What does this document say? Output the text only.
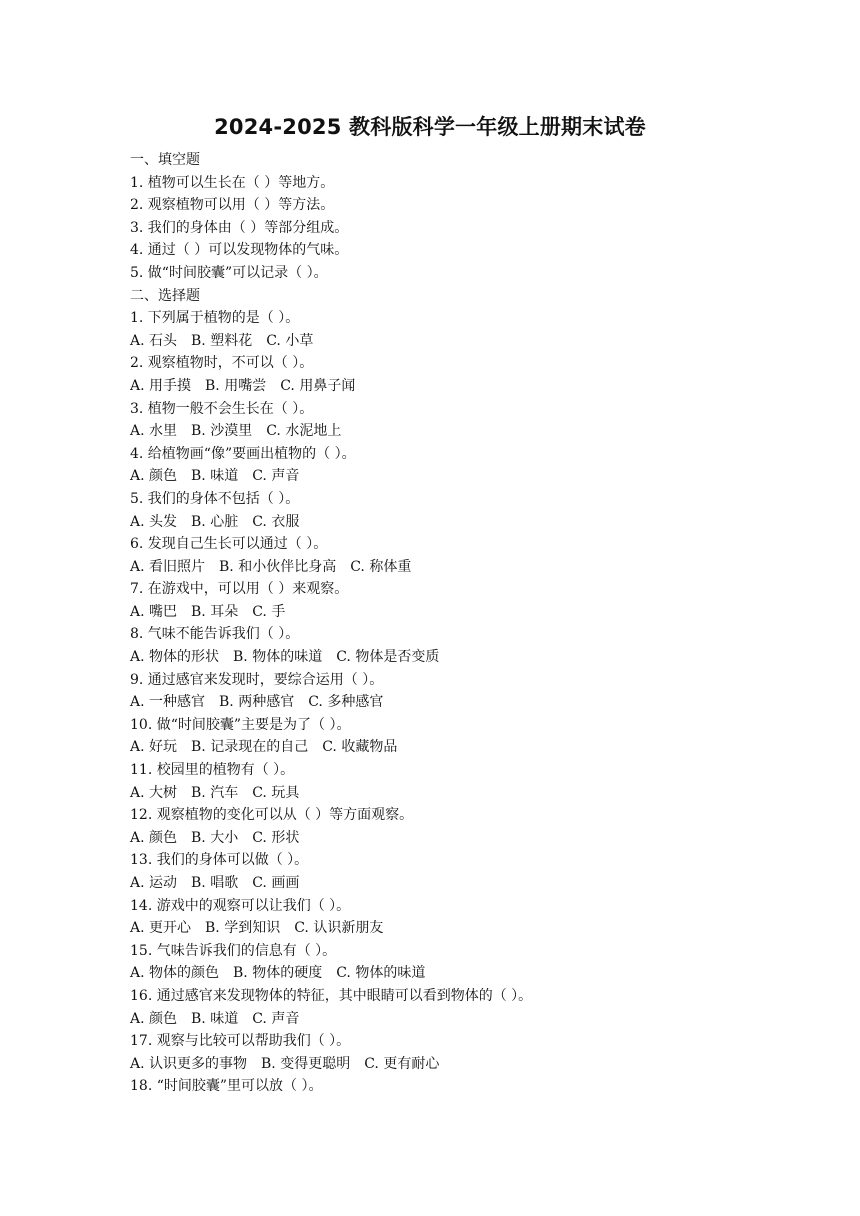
2024-2025 教科版科学一年级上册期末试卷
一、填空题
1. 植物可以生长在（ ）等地方。
2. 观察植物可以用（ ）等方法。
3. 我们的身体由（ ）等部分组成。
4. 通过（ ）可以发现物体的气味。
5. 做“时间胶囊”可以记录（ ）。
二、选择题
1. 下列属于植物的是（ ）。
A. 石头 B. 塑料花 C. 小草
2. 观察植物时，不可以（ ）。
A. 用手摸 B. 用嘴尝 C. 用鼻子闻
3. 植物一般不会生长在（ ）。
A. 水里 B. 沙漠里 C. 水泥地上
4. 给植物画“像”要画出植物的（ ）。
A. 颜色 B. 味道 C. 声音
5. 我们的身体不包括（ ）。
A. 头发 B. 心脏 C. 衣服
6. 发现自己生长可以通过（ ）。
A. 看旧照片 B. 和小伙伴比身高 C. 称体重
7. 在游戏中，可以用（ ）来观察。
A. 嘴巴 B. 耳朵 C. 手
8. 气味不能告诉我们（ ）。
A. 物体的形状 B. 物体的味道 C. 物体是否变质
9. 通过感官来发现时，要综合运用（ ）。
A. 一种感官 B. 两种感官 C. 多种感官
10. 做“时间胶囊”主要是为了（ ）。
A. 好玩 B. 记录现在的自己 C. 收藏物品
11. 校园里的植物有（ ）。
A. 大树 B. 汽车 C. 玩具
12. 观察植物的变化可以从（ ）等方面观察。
A. 颜色 B. 大小 C. 形状
13. 我们的身体可以做（ ）。
A. 运动 B. 唱歌 C. 画画
14. 游戏中的观察可以让我们（ ）。
A. 更开心 B. 学到知识 C. 认识新朋友
15. 气味告诉我们的信息有（ ）。
A. 物体的颜色 B. 物体的硬度 C. 物体的味道
16. 通过感官来发现物体的特征，其中眼睛可以看到物体的（ ）。
A. 颜色 B. 味道 C. 声音
17. 观察与比较可以帮助我们（ ）。
A. 认识更多的事物 B. 变得更聪明 C. 更有耐心
18. “时间胶囊”里可以放（ ）。
